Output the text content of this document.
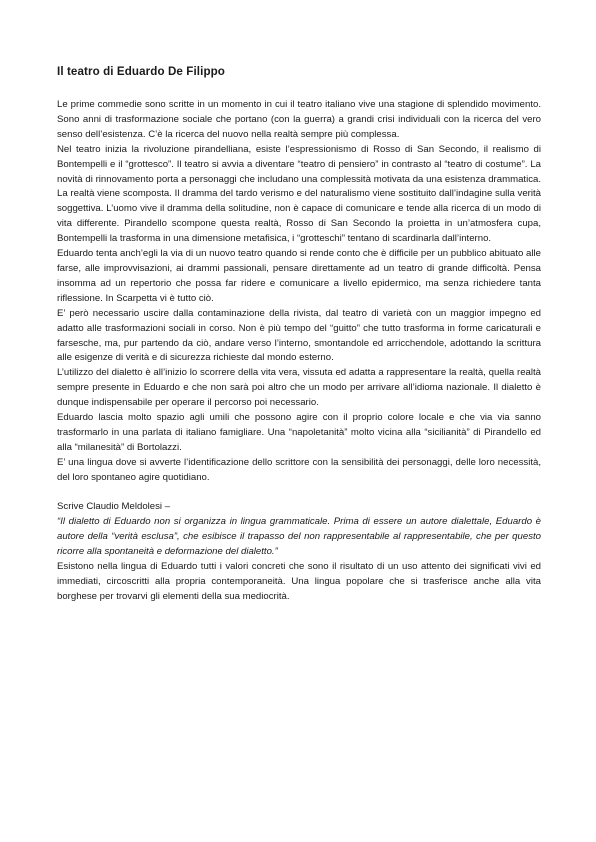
Il teatro di Eduardo De Filippo

Le prime commedie sono scritte in un momento in cui il teatro italiano vive una stagione di splendido movimento. Sono anni di trasformazione sociale che portano (con la guerra) a grandi crisi individuali con la ricerca del vero senso dell’esistenza. C’è la ricerca del nuovo nella realtà sempre più complessa.

Nel teatro inizia la rivoluzione pirandelliana, esiste l’espressionismo di Rosso di San Secondo, il realismo di Bontempelli e il “grottesco”. Il teatro si avvia a diventare “teatro di pensiero” in contrasto al “teatro di costume”. La novità di rinnovamento porta a personaggi che includano una complessità motivata da una esistenza drammatica. La realtà viene scomposta. Il dramma del tardo verismo e del naturalismo viene sostituito dall’indagine sulla verità soggettiva. L’uomo vive il dramma della solitudine, non è capace di comunicare e tende alla ricerca di un modo di vita differente. Pirandello scompone questa realtà, Rosso di San Secondo la proietta in un’atmosfera cupa, Bontempelli la trasforma in una dimensione metafisica, i “grotteschi” tentano di scardinarla dall’interno.

Eduardo tenta anch’egli la via di un nuovo teatro quando si rende conto che è difficile per un pubblico abituato alle farse, alle improvvisazioni, ai drammi passionali, pensare direttamente ad un teatro di grande difficoltà. Pensa insomma ad un repertorio che possa far ridere e comunicare a livello epidermico, ma senza richiedere tanta riflessione. In Scarpetta vi è tutto ciò.

E’ però necessario uscire dalla contaminazione della rivista, dal teatro di varietà con un maggior impegno ed adatto alle trasformazioni sociali in corso. Non è più tempo del “guitto” che tutto trasforma in forme caricaturali e farsesche, ma, pur partendo da ciò, andare verso l’interno, smontandole ed arricchendole, adottando la scrittura alle esigenze di verità e di sicurezza richieste dal mondo esterno.

L’utilizzo del dialetto è all’inizio lo scorrere della vita vera, vissuta ed adatta a rappresentare la realtà, quella realtà sempre presente in Eduardo e che non sarà poi altro che un modo per arrivare all’idioma nazionale. Il dialetto è dunque indispensabile per operare il percorso poi necessario.

Eduardo lascia molto spazio agli umili che possono agire con il proprio colore locale e che via via sanno trasformarlo in una parlata di italiano famigliare. Una “napoletanità” molto vicina alla “sicilianità” di Pirandello ed alla “milanesità” di Bortolazzi.

E’ una lingua dove si avverte l’identificazione dello scrittore con la sensibilità dei personaggi, delle loro necessità, del loro spontaneo agire quotidiano.

Scrive Claudio Meldolesi –

“Il dialetto di Eduardo non si organizza in lingua grammaticale. Prima di essere un autore dialettale, Eduardo è autore della “verità esclusa”, che esibisce il trapasso del non rappresentabile al rappresentabile, che per questo ricorre alla spontaneità e deformazione del dialetto.”

Esistono nella lingua di Eduardo tutti i valori concreti che sono il risultato di un uso attento dei significati vivi ed immediati, circoscritti alla propria contemporaneità. Una lingua popolare che si trasferisce anche alla vita borghese per trovarvi gli elementi della sua mediocrità.
